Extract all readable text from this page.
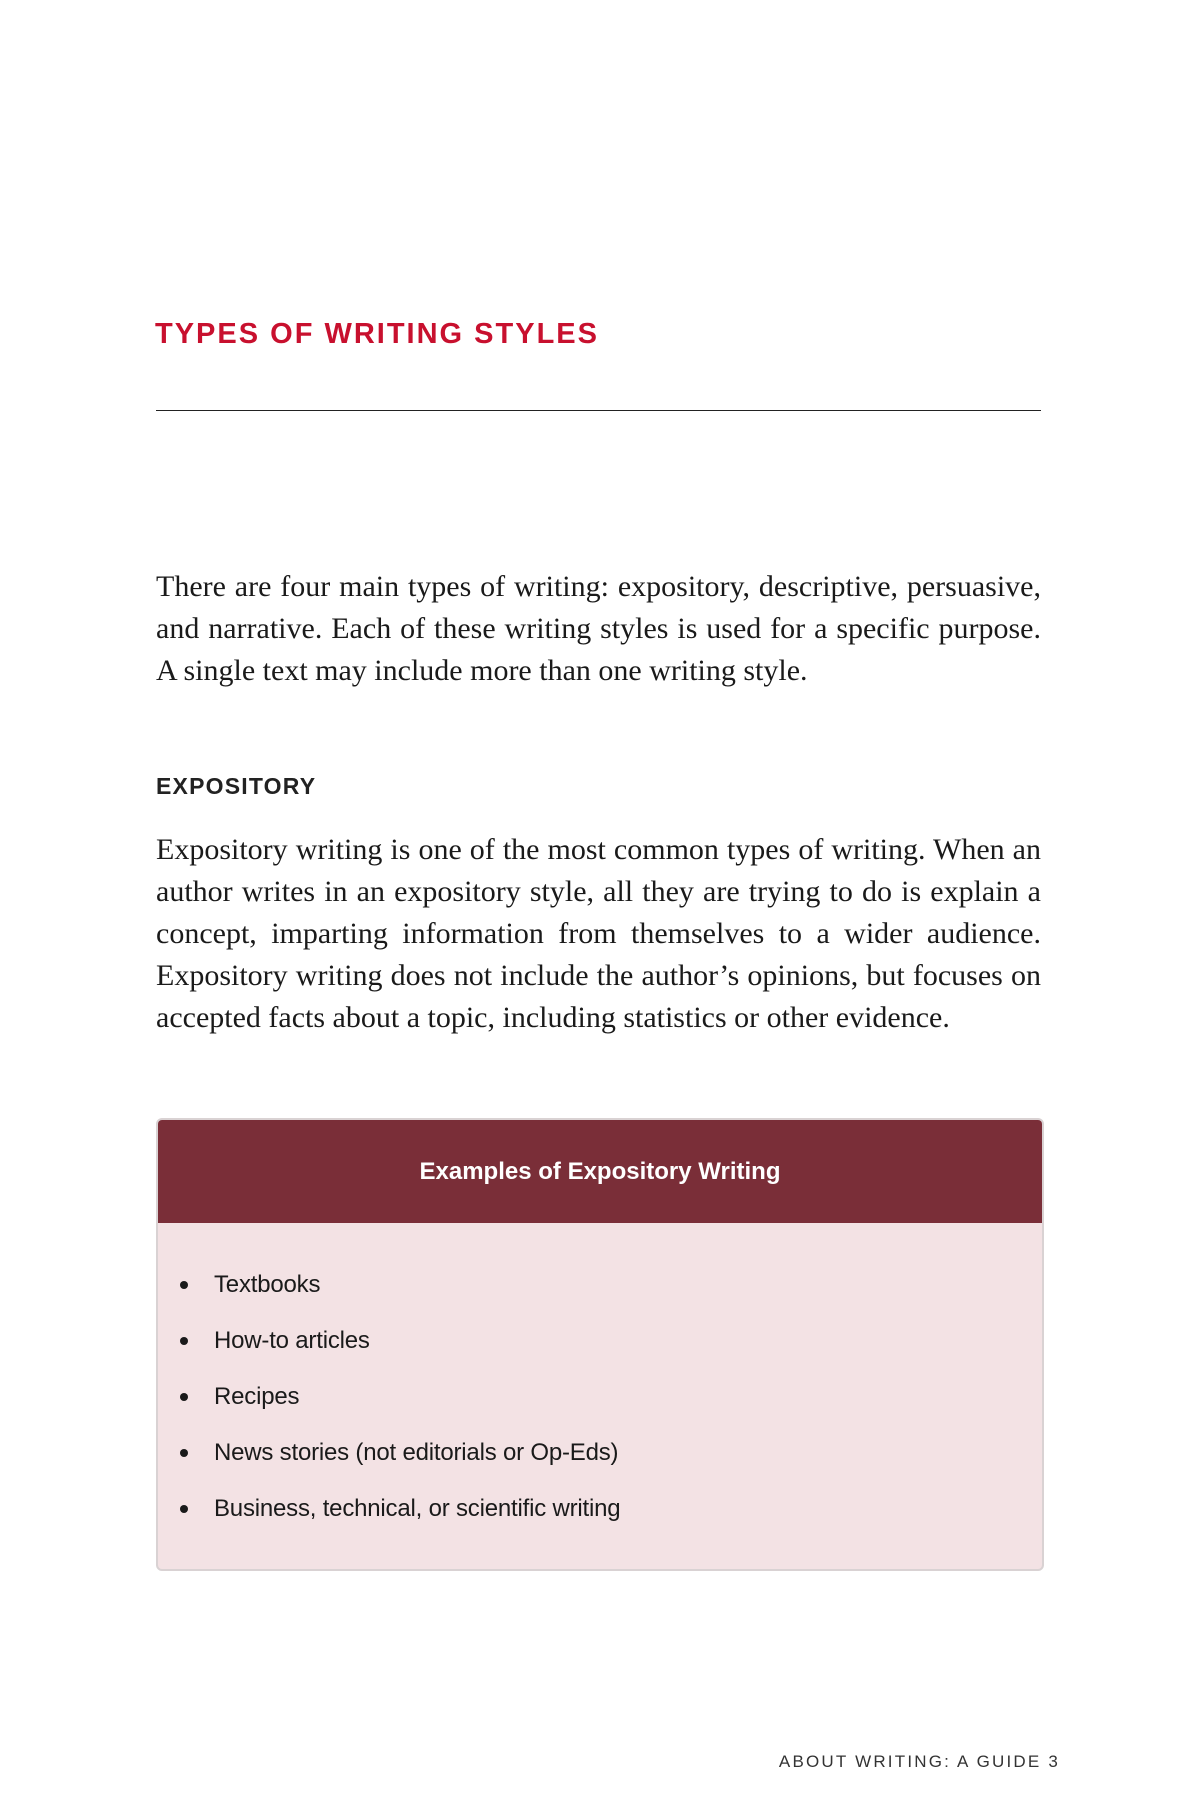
TYPES OF WRITING STYLES

There are four main types of writing: expository, descriptive, persuasive, and narrative. Each of these writing styles is used for a specific purpose. A single text may include more than one writing style.

EXPOSITORY

Expository writing is one of the most common types of writing. When an author writes in an expository style, all they are trying to do is explain a concept, imparting information from themselves to a wider audience. Expository writing does not include the author’s opinions, but focuses on accepted facts about a topic, including statistics or other evidence.

Examples of Expository Writing
Textbooks
How-to articles
Recipes
News stories (not editorials or Op-Eds)
Business, technical, or scientific writing

ABOUT WRITING: A GUIDE 3
